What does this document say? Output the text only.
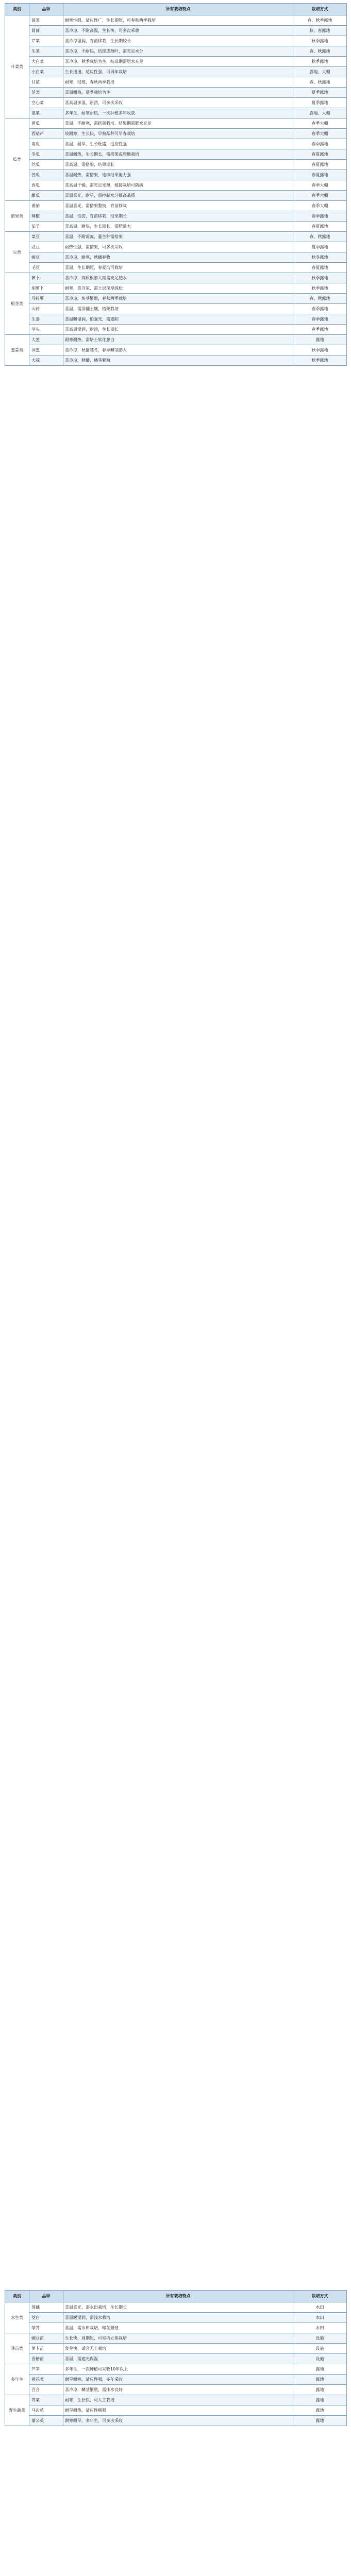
类别	品种	所有栽培特点	栽培方式
叶菜类	菠菜	耐寒性强，适应性广，生长期短，可春秋两季栽培	春、秋季露地
	茼蒿	喜冷凉，不耐高温，生长快，可多次采收	秋、春露地
	芹菜	喜冷凉湿润，育苗移栽，生长期较长	秋季露地
	生菜	喜冷凉，不耐热，结球或散叶，需充足水分	春、秋露地
	大白菜	喜冷凉，秋季栽培为主，结球期需肥水充足	秋季露地
	小白菜	生长迅速，适应性强，可周年栽培	露地、大棚
	甘蓝	耐寒，结球，春秋两季栽培	春、秋露地
	苋菜	喜温耐热，夏季栽培为主	夏季露地
	空心菜	喜高温多湿，耐涝，可多次采收	夏季露地
	韭菜	多年生，耐寒耐热，一次种植多年收获	露地、大棚
瓜类	黄瓜	喜温，不耐寒，需搭架栽培，结果期需肥水充足	春季大棚
	西葫芦	较耐寒，生长快，早熟品种可早春栽培	春季大棚
	南瓜	喜温，耐旱，生长旺盛，适应性强	春季露地
	冬瓜	喜温耐热，生长期长，需搭架或爬地栽培	春夏露地
	丝瓜	喜高温，需搭架，结果期长	春夏露地
	苦瓜	喜温耐热，需搭架，连续结果能力强	春夏露地
	西瓜	喜高温干燥，需充足光照，嫁接栽培可防病	春季大棚
	甜瓜	喜温喜光，耐旱，需控制水分提高品质	春季大棚
茄果类	番茄	喜温喜光，需搭架整枝，育苗移栽	春季大棚
	辣椒	喜温，怕涝，育苗移栽，结果期长	春季露地
	茄子	喜高温，耐热，生长期长，需肥量大	春夏露地
豆类	菜豆	喜温，不耐霜冻，蔓生种需搭架	春、秋露地
	豇豆	耐热性强，需搭架，可多次采收	夏季露地
	豌豆	喜冷凉，耐寒，秋播春收	秋冬露地
	毛豆	喜温，生长期短，春夏均可栽培	春夏露地
根茎类	萝卜	喜冷凉，肉质根膨大期需充足肥水	秋季露地
	胡萝卜	耐寒，喜冷凉，需土层深厚疏松	秋季露地
	马铃薯	喜冷凉，块茎繁殖，春秋两季栽培	春、秋露地
	山药	喜温，需深翻土壤，搭架栽培	春季露地
	生姜	喜温暖湿润，怕强光，需遮阴	春季露地
	芋头	喜高温湿润，耐涝，生长期长	春季露地
葱蒜类	大葱	耐寒耐热，需培土软化葱白	露地
	洋葱	喜冷凉，秋播越冬，春季鳞茎膨大	秋季露地
	大蒜	喜冷凉，秋播，鳞茎繁殖	秋季露地
类别	品种	所有栽培特点	栽培方式
水生类	莲藕	喜温喜光，需水田栽培，生长期长	水田
	茭白	喜温暖湿润，需浅水栽培	水田
	荸荠	喜温，需水田栽培，球茎繁殖	水田
芽苗类	豌豆苗	生长快，周期短，可室内立体栽培	设施
	萝卜苗	发芽快，适合无土栽培	设施
	香椿苗	喜温，需遮光保湿	设施
多年生	芦笋	多年生，一次种植可采收10年以上	露地
	黄花菜	耐旱耐寒，适应性强，多年采收	露地
	百合	喜冷凉，鳞茎繁殖，需排水良好	露地
野生蔬菜	荠菜	耐寒，生长快，可人工栽培	露地
	马齿苋	耐旱耐热，适应性极强	露地
	蒲公英	耐寒耐旱，多年生，可多次采收	露地
